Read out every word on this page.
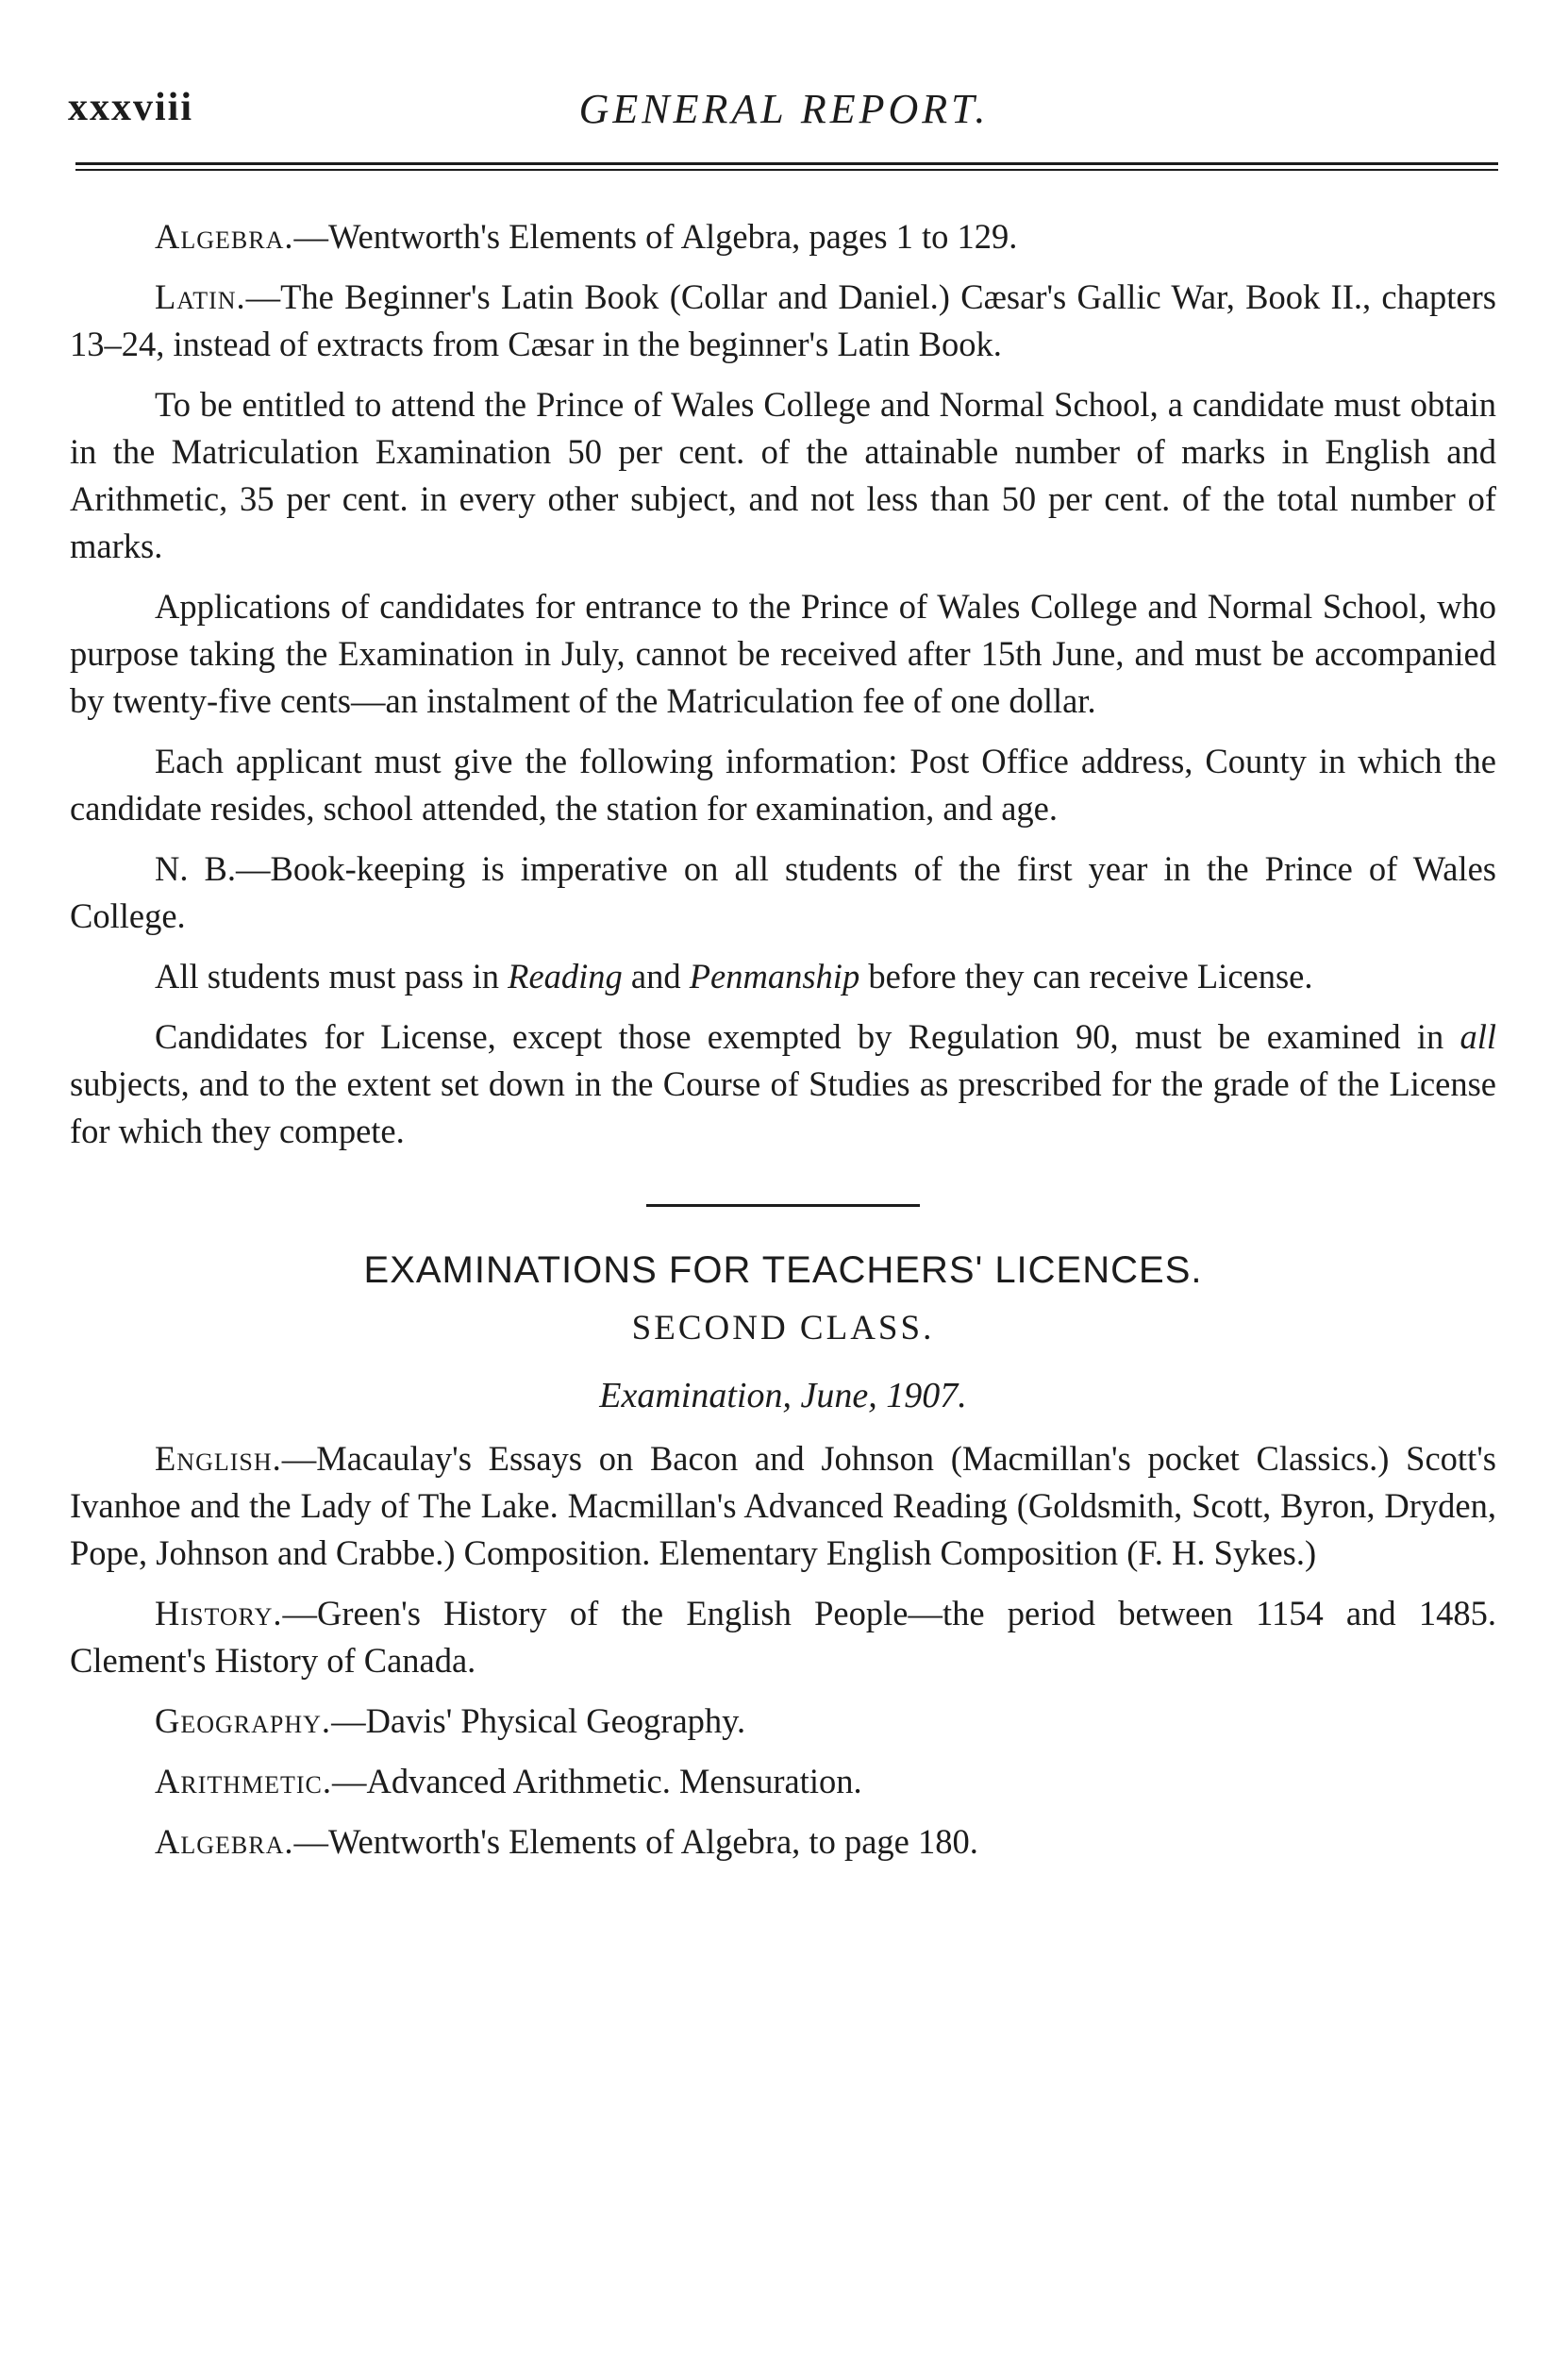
xxxviii	GENERAL REPORT.

Algebra.—Wentworth's Elements of Algebra, pages 1 to 129.

Latin.—The Beginner's Latin Book (Collar and Daniel.) Cæsar's Gallic War, Book II., chapters 13–24, instead of extracts from Cæsar in the beginner's Latin Book.

To be entitled to attend the Prince of Wales College and Normal School, a candidate must obtain in the Matriculation Examination 50 per cent. of the attainable number of marks in English and Arithmetic, 35 per cent. in every other subject, and not less than 50 per cent. of the total number of marks.

Applications of candidates for entrance to the Prince of Wales College and Normal School, who purpose taking the Examination in July, cannot be received after 15th June, and must be accompanied by twenty-five cents—an instalment of the Matriculation fee of one dollar.

Each applicant must give the following information: Post Office address, County in which the candidate resides, school attended, the station for examination, and age.

N. B.—Book-keeping is imperative on all students of the first year in the Prince of Wales College.

All students must pass in Reading and Penmanship before they can receive License.

Candidates for License, except those exempted by Regulation 90, must be examined in all subjects, and to the extent set down in the Course of Studies as prescribed for the grade of the License for which they compete.

EXAMINATIONS FOR TEACHERS' LICENCES.
SECOND CLASS.
Examination, June, 1907.

English.—Macaulay's Essays on Bacon and Johnson (Macmillan's pocket Classics.) Scott's Ivanhoe and the Lady of The Lake. Macmillan's Advanced Reading (Goldsmith, Scott, Byron, Dryden, Pope, Johnson and Crabbe.) Composition. Elementary English Composition (F. H. Sykes.)

History.—Green's History of the English People—the period between 1154 and 1485. Clement's History of Canada.

Geography.—Davis' Physical Geography.

Arithmetic.—Advanced Arithmetic. Mensuration.

Algebra.—Wentworth's Elements of Algebra, to page 180.
